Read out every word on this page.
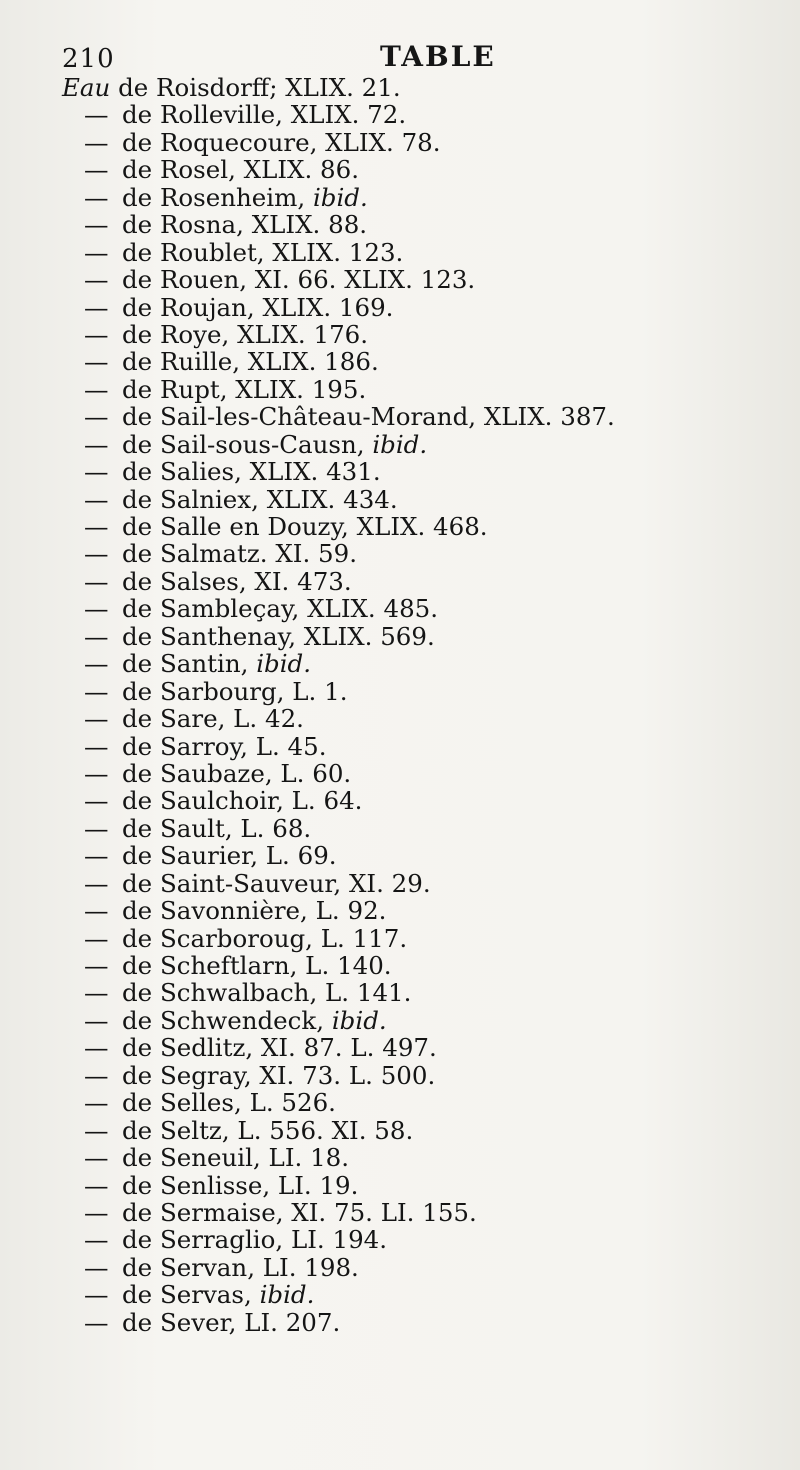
210	TABLE
Eau de Roisdorff; XLIX. 21.
— de Rolleville, XLIX. 72.
— de Roquecoure, XLIX. 78.
— de Rosel, XLIX. 86.
— de Rosenheim, ibid.
— de Rosna, XLIX. 88.
— de Roublet, XLIX. 123.
— de Rouen, XI. 66. XLIX. 123.
— de Roujan, XLIX. 169.
— de Roye, XLIX. 176.
— de Ruille, XLIX. 186.
— de Rupt, XLIX. 195.
— de Sail-les-Château-Morand, XLIX. 387.
— de Sail-sous-Causn, ibid.
— de Salies, XLIX. 431.
— de Salniex, XLIX. 434.
— de Salle en Douzy, XLIX. 468.
— de Salmatz. XI. 59.
— de Salses, XI. 473.
— de Sambleçay, XLIX. 485.
— de Santhenay, XLIX. 569.
— de Santin, ibid.
— de Sarbourg, L. 1.
— de Sare, L. 42.
— de Sarroy, L. 45.
— de Saubaze, L. 60.
— de Saulchoir, L. 64.
— de Sault, L. 68.
— de Saurier, L. 69.
— de Saint-Sauveur, XI. 29.
— de Savonnière, L. 92.
— de Scarboroug, L. 117.
— de Scheftlarn, L. 140.
— de Schwalbach, L. 141.
— de Schwendeck, ibid.
— de Sedlitz, XI. 87. L. 497.
— de Segray, XI. 73. L. 500.
— de Selles, L. 526.
— de Seltz, L. 556. XI. 58.
— de Seneuil, LI. 18.
— de Senlisse, LI. 19.
— de Sermaise, XI. 75. LI. 155.
— de Serraglio, LI. 194.
— de Servan, LI. 198.
— de Servas, ibid.
— de Sever, LI. 207.
